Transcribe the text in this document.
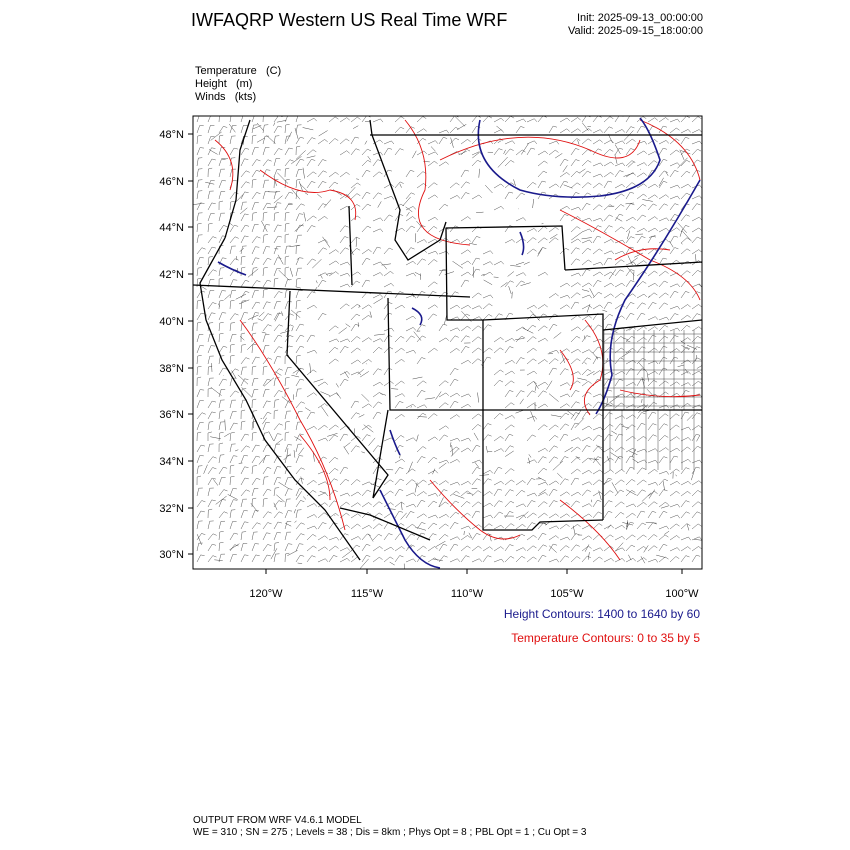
IWFAQRP Western US Real Time WRF	Init: 2025-09-13_00:00:00
Valid: 2025-09-15_18:00:00
Temperature (C)
Height (m)
Winds (kts)
48°N
46°N
44°N
42°N
40°N
38°N
36°N
34°N
32°N
30°N
120°W	115°W	110°W	105°W	100°W
Height Contours: 1400 to 1640 by 60
Temperature Contours: 0 to 35 by 5
OUTPUT FROM WRF V4.6.1 MODEL
WE = 310 ; SN = 275 ; Levels = 38 ; Dis = 8km ; Phys Opt = 8 ; PBL Opt = 1 ; Cu Opt = 3
